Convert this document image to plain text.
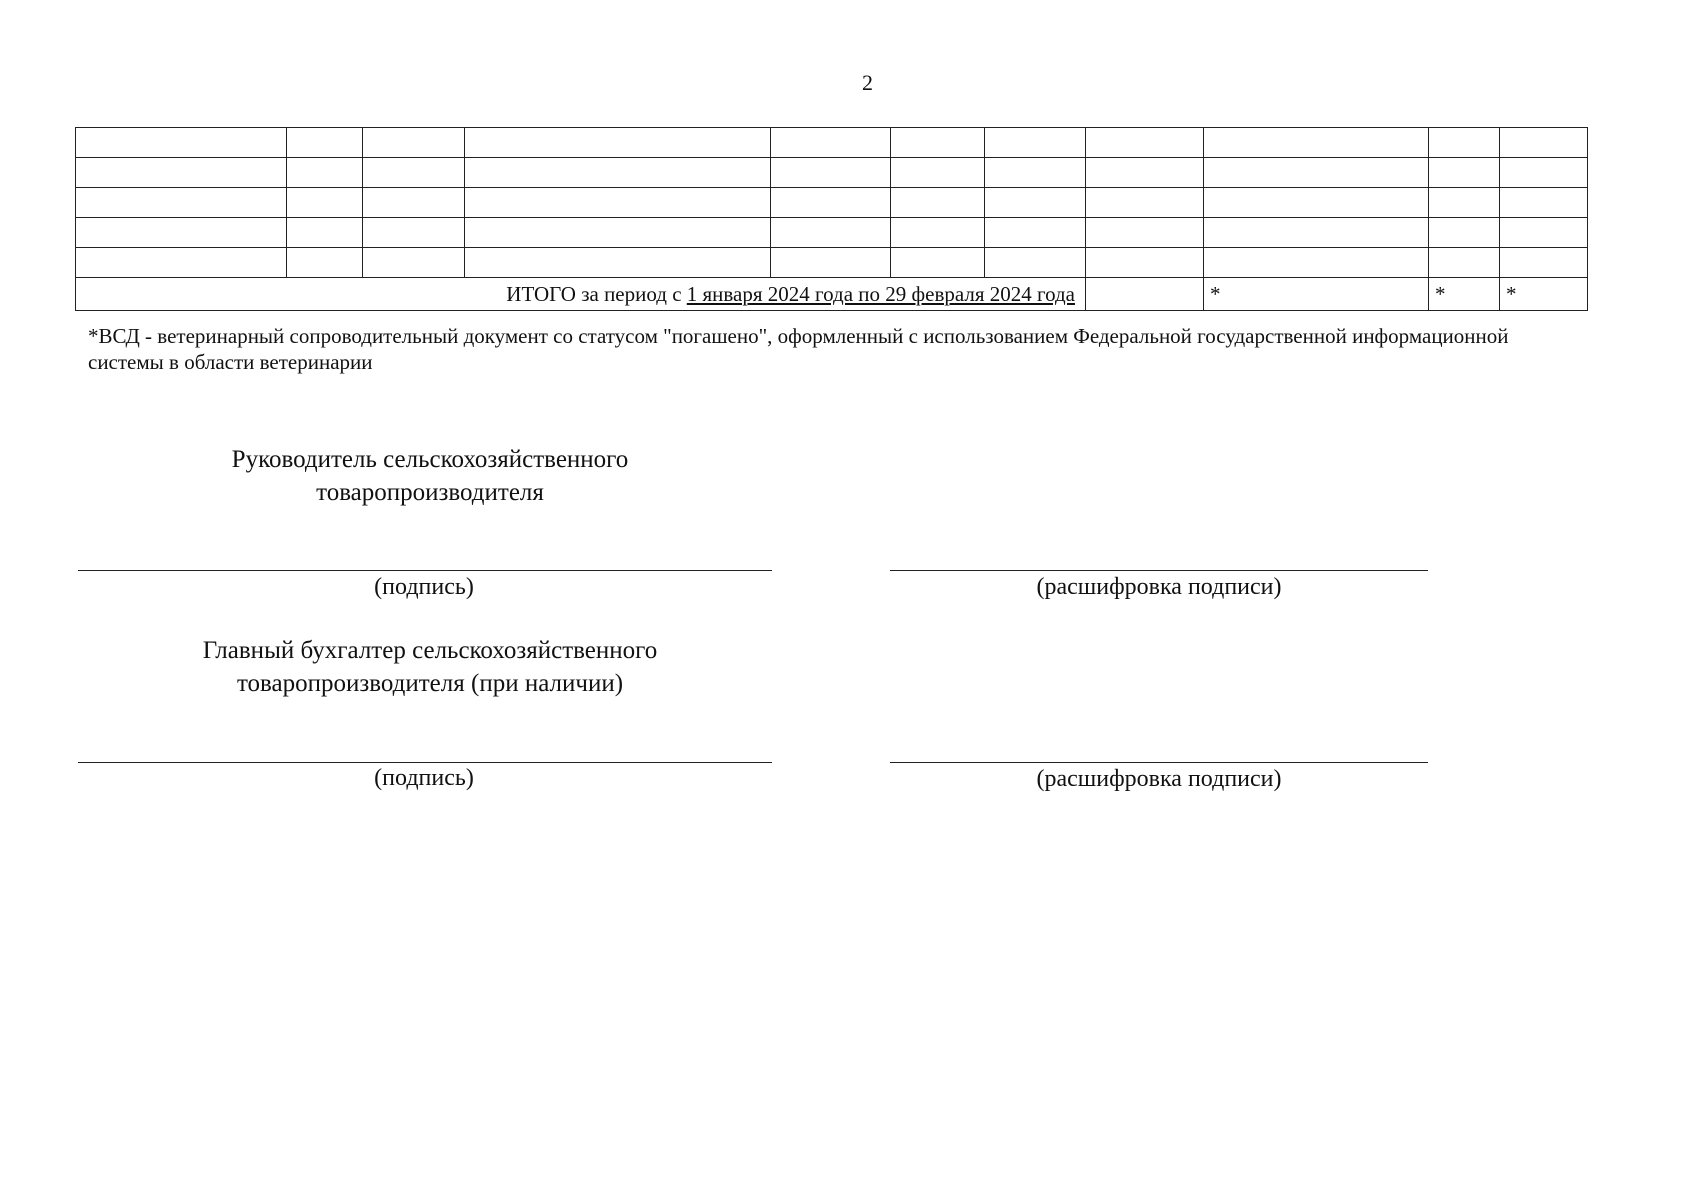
2

ИТОГО за период с 1 января 2024 года по 29 февраля 2024 года								*	*	*
*ВСД - ветеринарный сопроводительный документ со статусом "погашено", оформленный с использованием Федеральной государственной информационной системы в области ветеринарии
Руководитель сельскохозяйственного
товаропроизводителя
(подпись)	(расшифровка подписи)
Главный бухгалтер сельскохозяйственного
товаропроизводителя (при наличии)
(подпись)	(расшифровка подписи)
